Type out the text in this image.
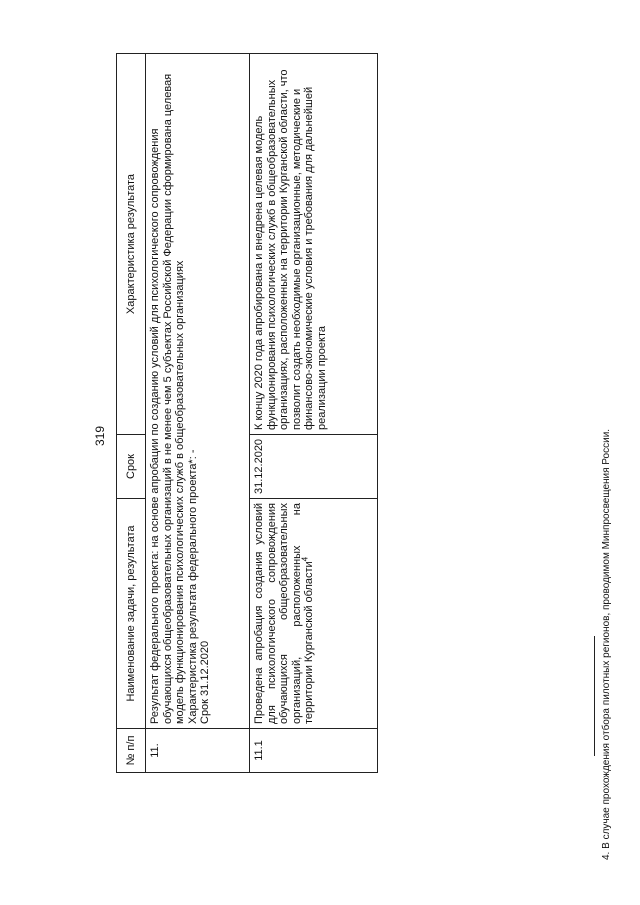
319
№ п/п	Наименование задачи, результата	Срок	Характеристика результата
11.	Результат федерального проекта: на основе апробации по созданию условий для психологического сопровождения обучающихся общеобразовательных организаций в не менее чем 5 субъектах Российской Федерации сформирована целевая модель функционирования психологических служб в общеобразовательных организациях Характеристика результата федерального проекта*: - Срок 31.12.2020		

11.1	Проведена апробация создания условий для психологического сопровождения обучающихся общеобразовательных организаций, расположенных на территории Курганской области$^4$	31.12.2020	К концу 2020 года апробирована и внедрена целевая модель функционирования психологических служб в общеобразовательных организациях, расположенных на территории Курганской области, что позволит создать необходимые организационные, методические и финансово-экономические условия и требования для дальнейшей реализации проекта
4. В случае прохождения отбора пилотных регионов, проводимом Минпросвещения России.
